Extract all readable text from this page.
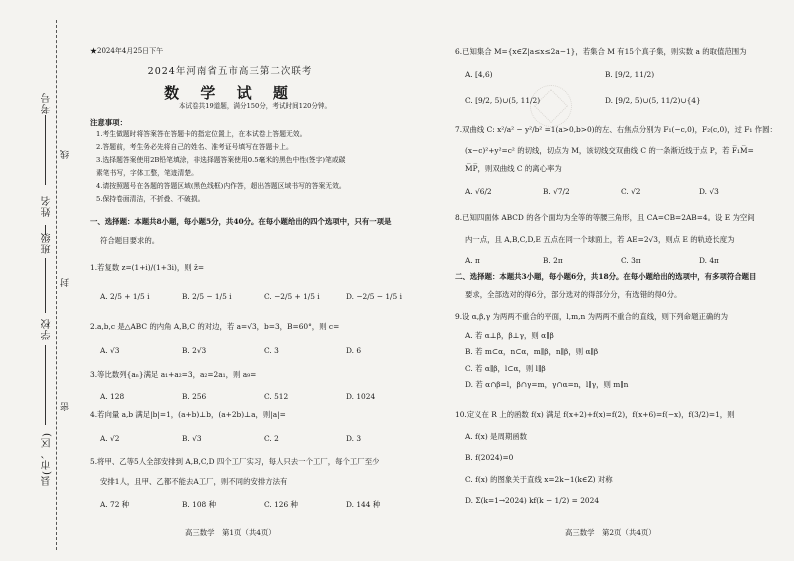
考号
姓名
班级
学校
县(市、区)
线
封
密
★2024年4月25日下午
2024年河南省五市高三第二次联考
数 学 试 题
本试卷共19道题，满分150分，考试时间120分钟。
注意事项：
1.考生做题时将答案答在答题卡的指定位置上，在本试卷上答题无效。
2.答题前，考生务必先将自己的姓名、准考证号填写在答题卡上。
3.选择题答案使用2B铅笔填涂，非选择题答案使用0.5毫米的黑色中性(签字)笔或碳
素笔书写，字体工整，笔迹清楚。
4.请按照题号在各题的答题区域(黑色线框)内作答，超出答题区域书写的答案无效。
5.保持卷面清洁，不折叠、不破损。
一、选择题：本题共8小题，每小题5分，共40分。在每小题给出的四个选项中，只有一项是
符合题目要求的。
1.若复数 z=(1+i)/(1+3i)，则 z̄=
A. 2/5 + 1/5 i	B. 2/5 − 1/5 i	C. −2/5 + 1/5 i	D. −2/5 − 1/5 i
2.a,b,c 是△ABC 的内角 A,B,C 的对边，若 a=√3，b=3，B=60°，则 c=
A. √3	B. 2√3	C. 3	D. 6
3.等比数列{aₙ}满足 a₁+a₂=3，a₂=2a₁，则 a₉=
A. 128	B. 256	C. 512	D. 1024
4.若向量 a,b 满足|b|=1，(a+b)⊥b，(a+2b)⊥a，则|a|=
A. √2	B. √3	C. 2	D. 3
5.将甲、乙等5人全部安排到 A,B,C,D 四个工厂实习，每人只去一个工厂，每个工厂至少
安排1人，且甲、乙都不能去A工厂，则不同的安排方法有
A. 72 种	B. 108 种	C. 126 种	D. 144 种
高三数学　第1页（共4页）
6.已知集合 M={x∈Z|a≤x≤2a−1}，若集合 M 有15个真子集，则实数 a 的取值范围为
A. [4,6)	B. [9/2, 11/2)
C. [9/2, 5)∪(5, 11/2)	D. [9/2, 5)∪(5, 11/2)∪{4}
7.双曲线 C: x²/a² − y²/b² =1(a>0,b>0)的左、右焦点分别为 F₁(−c,0)，F₂(c,0)，过 F₁ 作圆：
(x−c)²+y²=c² 的切线，切点为 M，该切线交双曲线 C 的一条渐近线于点 P，若 F̅₁M̅=
M̅P̅，则双曲线 C 的离心率为
A. √6/2	B. √7/2	C. √2	D. √3
8.已知四面体 ABCD 的各个面均为全等的等腰三角形，且 CA=CB=2AB=4。设 E 为空间
内一点，且 A,B,C,D,E 五点在同一个球面上，若 AE=2√3，则点 E 的轨迹长度为
A. π	B. 2π	C. 3π	D. 4π
二、选择题：本题共3小题，每小题6分，共18分。在每小题给出的选项中，有多项符合题目
要求，全部选对的得6分，部分选对的得部分分，有选错的得0分。
9.设 α,β,γ 为两两不重合的平面，l,m,n 为两两不重合的直线，则下列命题正确的为
A. 若 α⊥β，β⊥γ，则 α∥β
B. 若 m⊂α，n⊂α，m∥β，n∥β，则 α∥β
C. 若 α∥β，l⊂α，则 l∥β
D. 若 α∩β=l，β∩γ=m，γ∩α=n，l∥γ，则 m∥n
10.定义在 R 上的函数 f(x) 满足 f(x+2)+f(x)=f(2)，f(x+6)=f(−x)，f(3/2)=1，则
A. f(x) 是周期函数
B. f(2024)=0
C. f(x) 的图象关于直线 x=2k−1(k∈Z) 对称
D. Σ(k=1→2024) kf(k − 1/2) = 2024
高三数学　第2页（共4页）
